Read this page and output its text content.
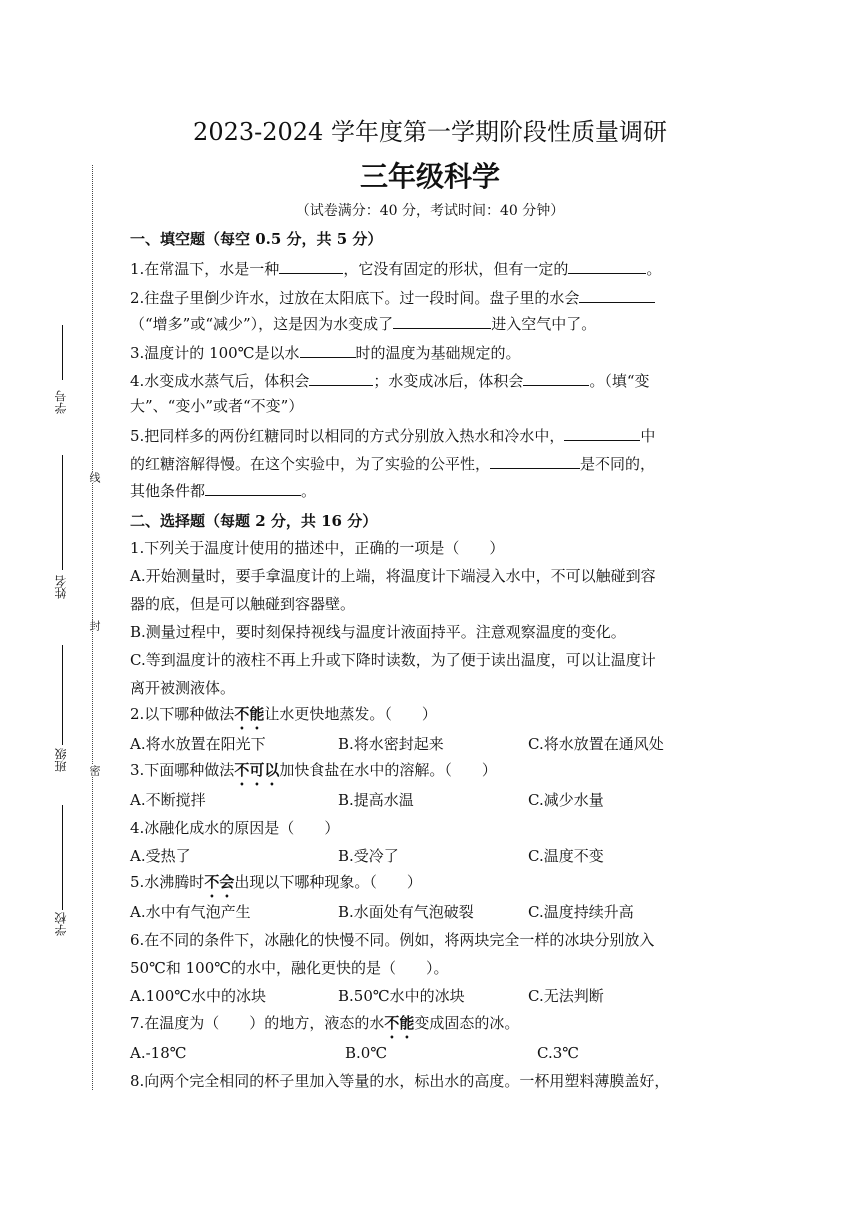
2023-2024 学年度第一学期阶段性质量调研
三年级科学
（试卷满分：40 分，考试时间：40 分钟）
学号
姓名
班级
学校
线
封
密
一、填空题（每空 0.5 分，共 5 分）
1.在常温下，水是一种	，它没有固定的形状，但有一定的	。
2.往盘子里倒少许水，过放在太阳底下。过一段时间。盘子里的水会
（“增多”或“减少”），这是因为水变成了	进入空气中了。
3.温度计的 100℃是以水	时的温度为基础规定的。
4.水变成水蒸气后，体积会	；水变成冰后，体积会	。（填“变
大”、“变小”或者“不变”）
5.把同样多的两份红糖同时以相同的方式分别放入热水和冷水中，	中
的红糖溶解得慢。在这个实验中，为了实验的公平性，	是不同的，
其他条件都	。
二、选择题（每题 2 分，共 16 分）
1.下列关于温度计使用的描述中，正确的一项是（　　）
A.开始测量时，要手拿温度计的上端，将温度计下端浸入水中，不可以触碰到容
器的底，但是可以触碰到容器壁。
B.测量过程中，要时刻保持视线与温度计液面持平。注意观察温度的变化。
C.等到温度计的液柱不再上升或下降时读数，为了便于读出温度，可以让温度计
离开被测液体。
2.以下哪种做法不能让水更快地蒸发。（　　）
A.将水放置在阳光下	B.将水密封起来	C.将水放置在通风处
3.下面哪种做法不可以加快食盐在水中的溶解。（　　）
A.不断搅拌	B.提高水温	C.减少水量
4.冰融化成水的原因是（　　）
A.受热了	B.受冷了	C.温度不变
5.水沸腾时不会出现以下哪种现象。（　　）
A.水中有气泡产生	B.水面处有气泡破裂	C.温度持续升高
6.在不同的条件下，冰融化的快慢不同。例如，将两块完全一样的冰块分别放入
50℃和 100℃的水中，融化更快的是（　　）。
A.100℃水中的冰块	B.50℃水中的冰块	C.无法判断
7.在温度为（　　）的地方，液态的水不能变成固态的冰。
A.-18℃	B.0℃	C.3℃
8.向两个完全相同的杯子里加入等量的水，标出水的高度。一杯用塑料薄膜盖好，
